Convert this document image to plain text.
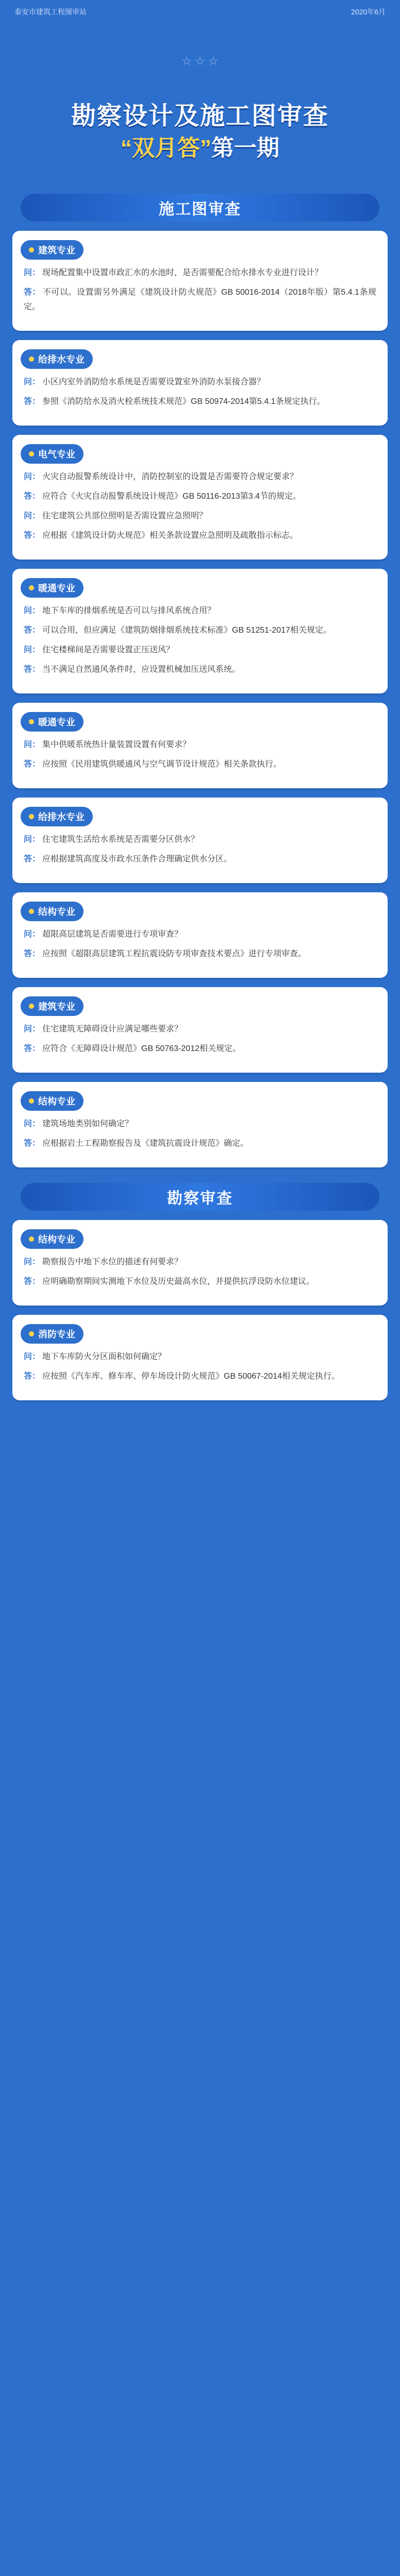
泰安市建筑工程图审站	2020年6月
☆ ☆ ☆
勘察设计及施工图审查
“双月答”第一期
施工图审查
建筑专业

问： 现场配置集中设置市政汇水的水池时，是否需要配合给水排水专业进行设计？

答： 不可以。设置需另外满足《建筑设计防火规范》GB 50016-2014（2018年版）第5.4.1条规定。

给排水专业

问： 小区内室外消防给水系统是否需要设置室外消防水泵接合器？

答： 参照《消防给水及消火栓系统技术规范》GB 50974-2014第5.4.1条规定执行。

电气专业

问： 火灾自动报警系统设计中，消防控制室的设置是否需要符合规定要求？

答： 应符合《火灾自动报警系统设计规范》GB 50116-2013第3.4节的规定。

问： 住宅建筑公共部位照明是否需设置应急照明？

答： 应根据《建筑设计防火规范》相关条款设置应急照明及疏散指示标志。

暖通专业

问： 地下车库的排烟系统是否可以与排风系统合用？

答： 可以合用，但应满足《建筑防烟排烟系统技术标准》GB 51251-2017相关规定。

问： 住宅楼梯间是否需要设置正压送风？

答： 当不满足自然通风条件时，应设置机械加压送风系统。

暖通专业

问： 集中供暖系统热计量装置设置有何要求？

答： 应按照《民用建筑供暖通风与空气调节设计规范》相关条款执行。

给排水专业

问： 住宅建筑生活给水系统是否需要分区供水？

答： 应根据建筑高度及市政水压条件合理确定供水分区。

结构专业

问： 超限高层建筑是否需要进行专项审查？

答： 应按照《超限高层建筑工程抗震设防专项审查技术要点》进行专项审查。

建筑专业

问： 住宅建筑无障碍设计应满足哪些要求？

答： 应符合《无障碍设计规范》GB 50763-2012相关规定。

结构专业

问： 建筑场地类别如何确定？

答： 应根据岩土工程勘察报告及《建筑抗震设计规范》确定。

勘察审查
结构专业

问： 勘察报告中地下水位的描述有何要求？

答： 应明确勘察期间实测地下水位及历史最高水位，并提供抗浮设防水位建议。

消防专业

问： 地下车库防火分区面积如何确定？

答： 应按照《汽车库、修车库、停车场设计防火规范》GB 50067-2014相关规定执行。
